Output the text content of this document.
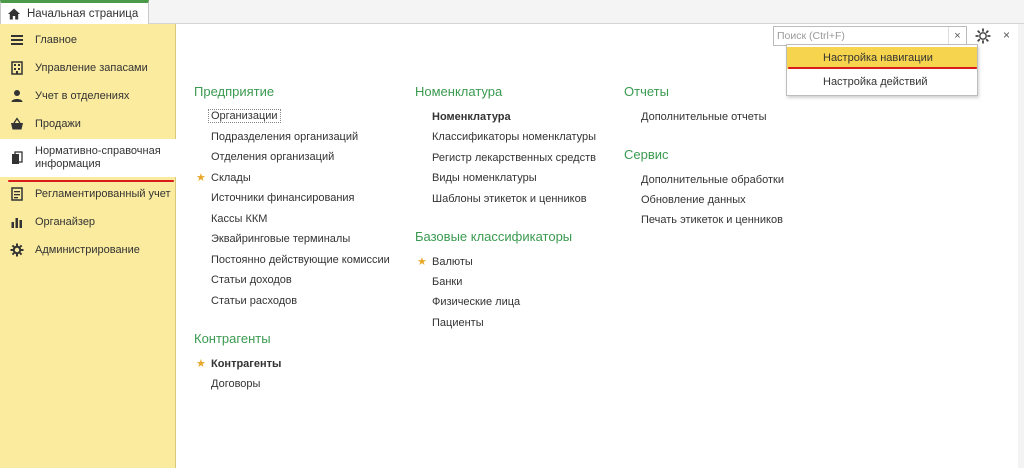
Начальная страница
Главное
Управление запасами
Учет в отделениях
Продажи
Нормативно-справочная информация
Регламентированный учет
Органайзер
Администрирование
Предприятие
Организации
Подразделения организаций
Отделения организаций
★ Склады
Источники финансирования
Кассы ККМ
Эквайринговые терминалы
Постоянно действующие комиссии
Статьи доходов
Статьи расходов
Контрагенты
★ Контрагенты
Договоры
Номенклатура
Номенклатура
Классификаторы номенклатуры
Регистр лекарственных средств
Виды номенклатуры
Шаблоны этикеток и ценников
Базовые классификаторы
★ Валюты
Банки
Физические лица
Пациенты
Отчеты
Дополнительные отчеты
Сервис
Дополнительные обработки
Обновление данных
Печать этикеток и ценников
Поиск (Ctrl+F)
×	×
Настройка навигации
Настройка действий
